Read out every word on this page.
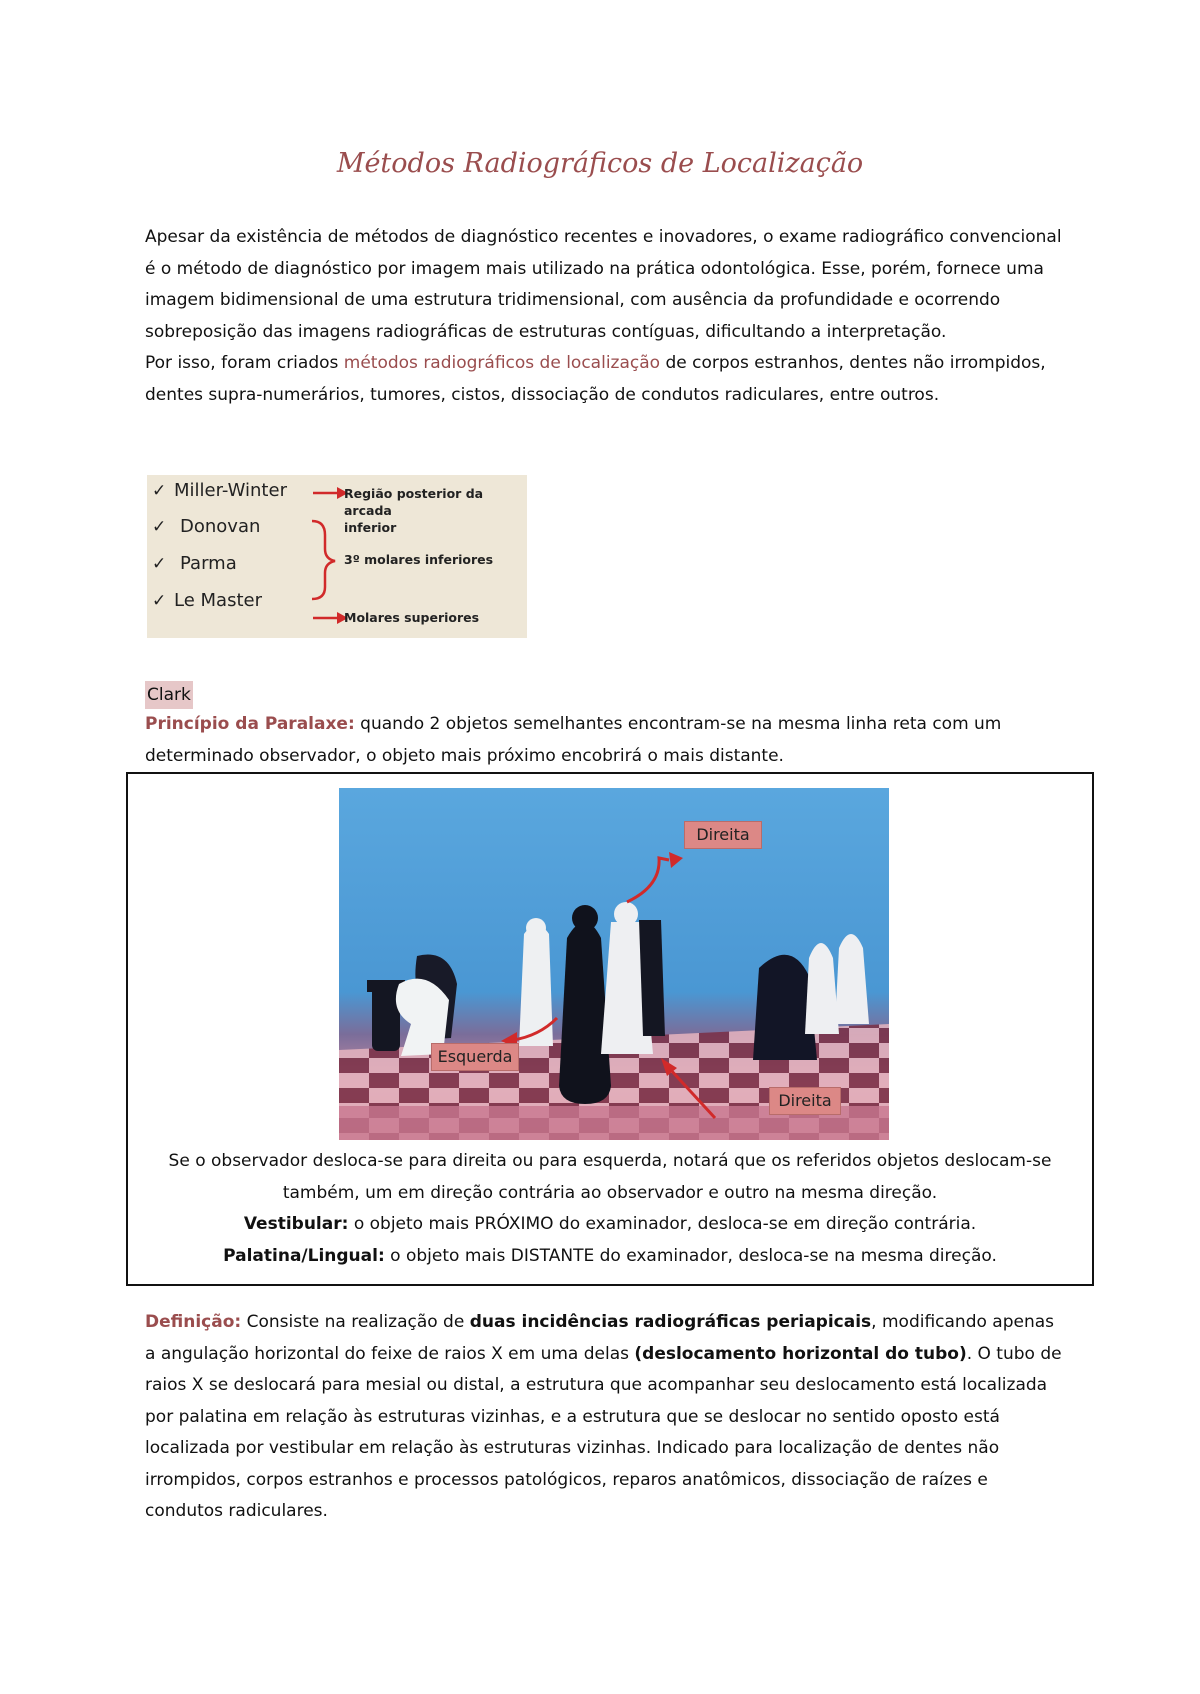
Métodos Radiográficos de Localização
Apesar da existência de métodos de diagnóstico recentes e inovadores, o exame radiográfico convencional é o método de diagnóstico por imagem mais utilizado na prática odontológica. Esse, porém, fornece uma imagem bidimensional de uma estrutura tridimensional, com ausência da profundidade e ocorrendo sobreposição das imagens radiográficas de estruturas contíguas, dificultando a interpretação.
Por isso, foram criados métodos radiográficos de localização de corpos estranhos, dentes não irrompidos, dentes supra-numerários, tumores, cistos, dissociação de condutos radiculares, entre outros.
✓ Miller-Winter
✓ Donovan
✓ Parma
✓ Le Master
Região posterior da arcada
inferior
3º molares inferiores
Molares superiores
Clark
Princípio da Paralaxe: quando 2 objetos semelhantes encontram-se na mesma linha reta com um determinado observador, o objeto mais próximo encobrirá o mais distante.
Direita
Esquerda
Direita
Se o observador desloca-se para direita ou para esquerda, notará que os referidos objetos deslocam-se também, um em direção contrária ao observador e outro na mesma direção.
Vestibular: o objeto mais PRÓXIMO do examinador, desloca-se em direção contrária.
Palatina/Lingual: o objeto mais DISTANTE do examinador, desloca-se na mesma direção.
Definição: Consiste na realização de duas incidências radiográficas periapicais, modificando apenas a angulação horizontal do feixe de raios X em uma delas (deslocamento horizontal do tubo). O tubo de raios X se deslocará para mesial ou distal, a estrutura que acompanhar seu deslocamento está localizada por palatina em relação às estruturas vizinhas, e a estrutura que se deslocar no sentido oposto está localizada por vestibular em relação às estruturas vizinhas. Indicado para localização de dentes não irrompidos, corpos estranhos e processos patológicos, reparos anatômicos, dissociação de raízes e condutos radiculares.
